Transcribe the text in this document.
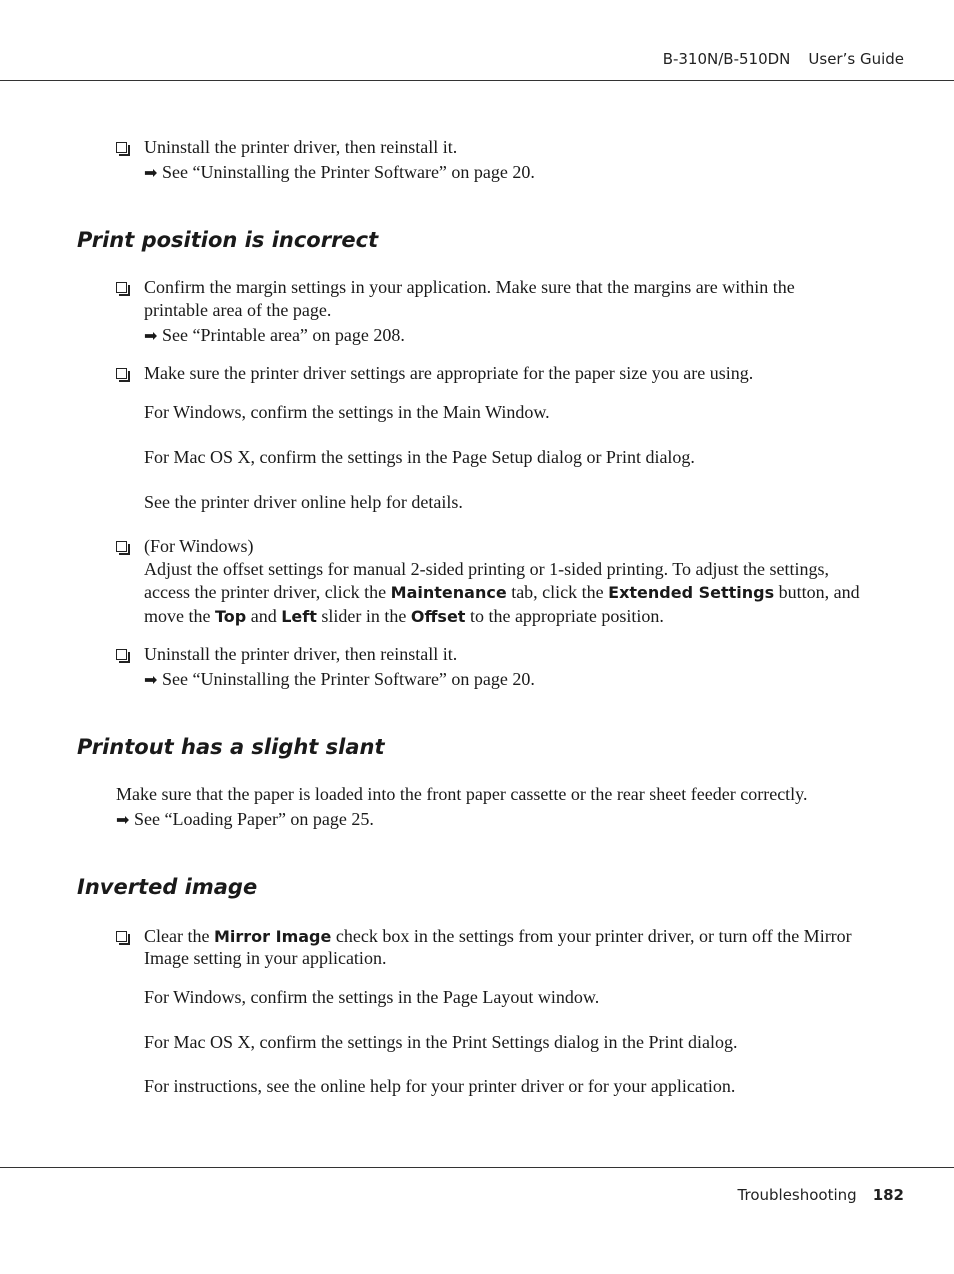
B-310N/B-510DN User’s Guide
Uninstall the printer driver, then reinstall it.
➡ See “Uninstalling the Printer Software” on page 20.
Print position is incorrect
Confirm the margin settings in your application. Make sure that the margins are within the
printable area of the page.
➡ See “Printable area” on page 208.
Make sure the printer driver settings are appropriate for the paper size you are using.
For Windows, confirm the settings in the Main Window.
For Mac OS X, confirm the settings in the Page Setup dialog or Print dialog.
See the printer driver online help for details.
(For Windows)
Adjust the offset settings for manual 2-sided printing or 1-sided printing. To adjust the settings,
access the printer driver, click the Maintenance tab, click the Extended Settings button, and
move the Top and Left slider in the Offset to the appropriate position.
Uninstall the printer driver, then reinstall it.
➡ See “Uninstalling the Printer Software” on page 20.
Printout has a slight slant
Make sure that the paper is loaded into the front paper cassette or the rear sheet feeder correctly.
➡ See “Loading Paper” on page 25.
Inverted image
Clear the Mirror Image check box in the settings from your printer driver, or turn off the Mirror
Image setting in your application.
For Windows, confirm the settings in the Page Layout window.
For Mac OS X, confirm the settings in the Print Settings dialog in the Print dialog.
For instructions, see the online help for your printer driver or for your application.
Troubleshooting 182
